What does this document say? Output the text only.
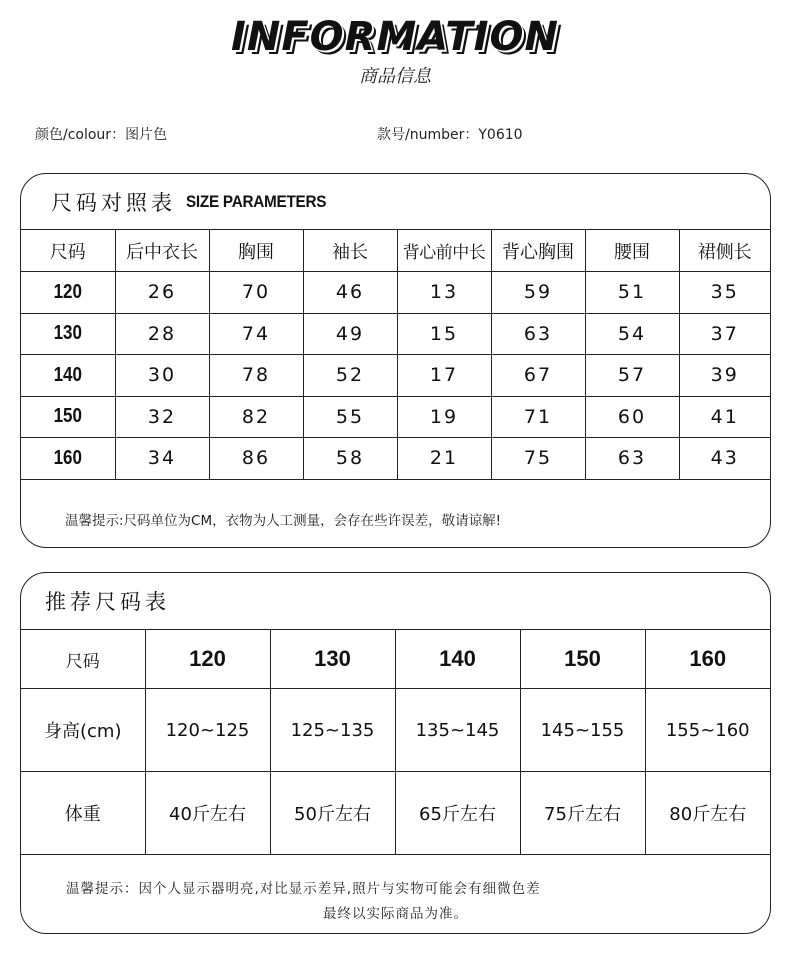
INFORMATION
商品信息
颜色/colour：图片色	款号/number：Y0610
尺码对照表 SIZE PARAMETERS
尺码	后中衣长	胸围	袖长	背心前中长	背心胸围	腰围	裙侧长
120	26	70	46	13	59	51	35
130	28	74	49	15	63	54	37
140	30	78	52	17	67	57	39
150	32	82	55	19	71	60	41
160	34	86	58	21	75	63	43
温馨提示:尺码单位为CM，衣物为人工测量，会存在些许误差，敬请谅解!
推荐尺码表
尺码	120	130	140	150	160
身高(cm)	120~125	125~135	135~145	145~155	155~160
体重	40斤左右	50斤左右	65斤左右	75斤左右	80斤左右
温馨提示：因个人显示器明亮,对比显示差异,照片与实物可能会有细微色差
最终以实际商品为准。
